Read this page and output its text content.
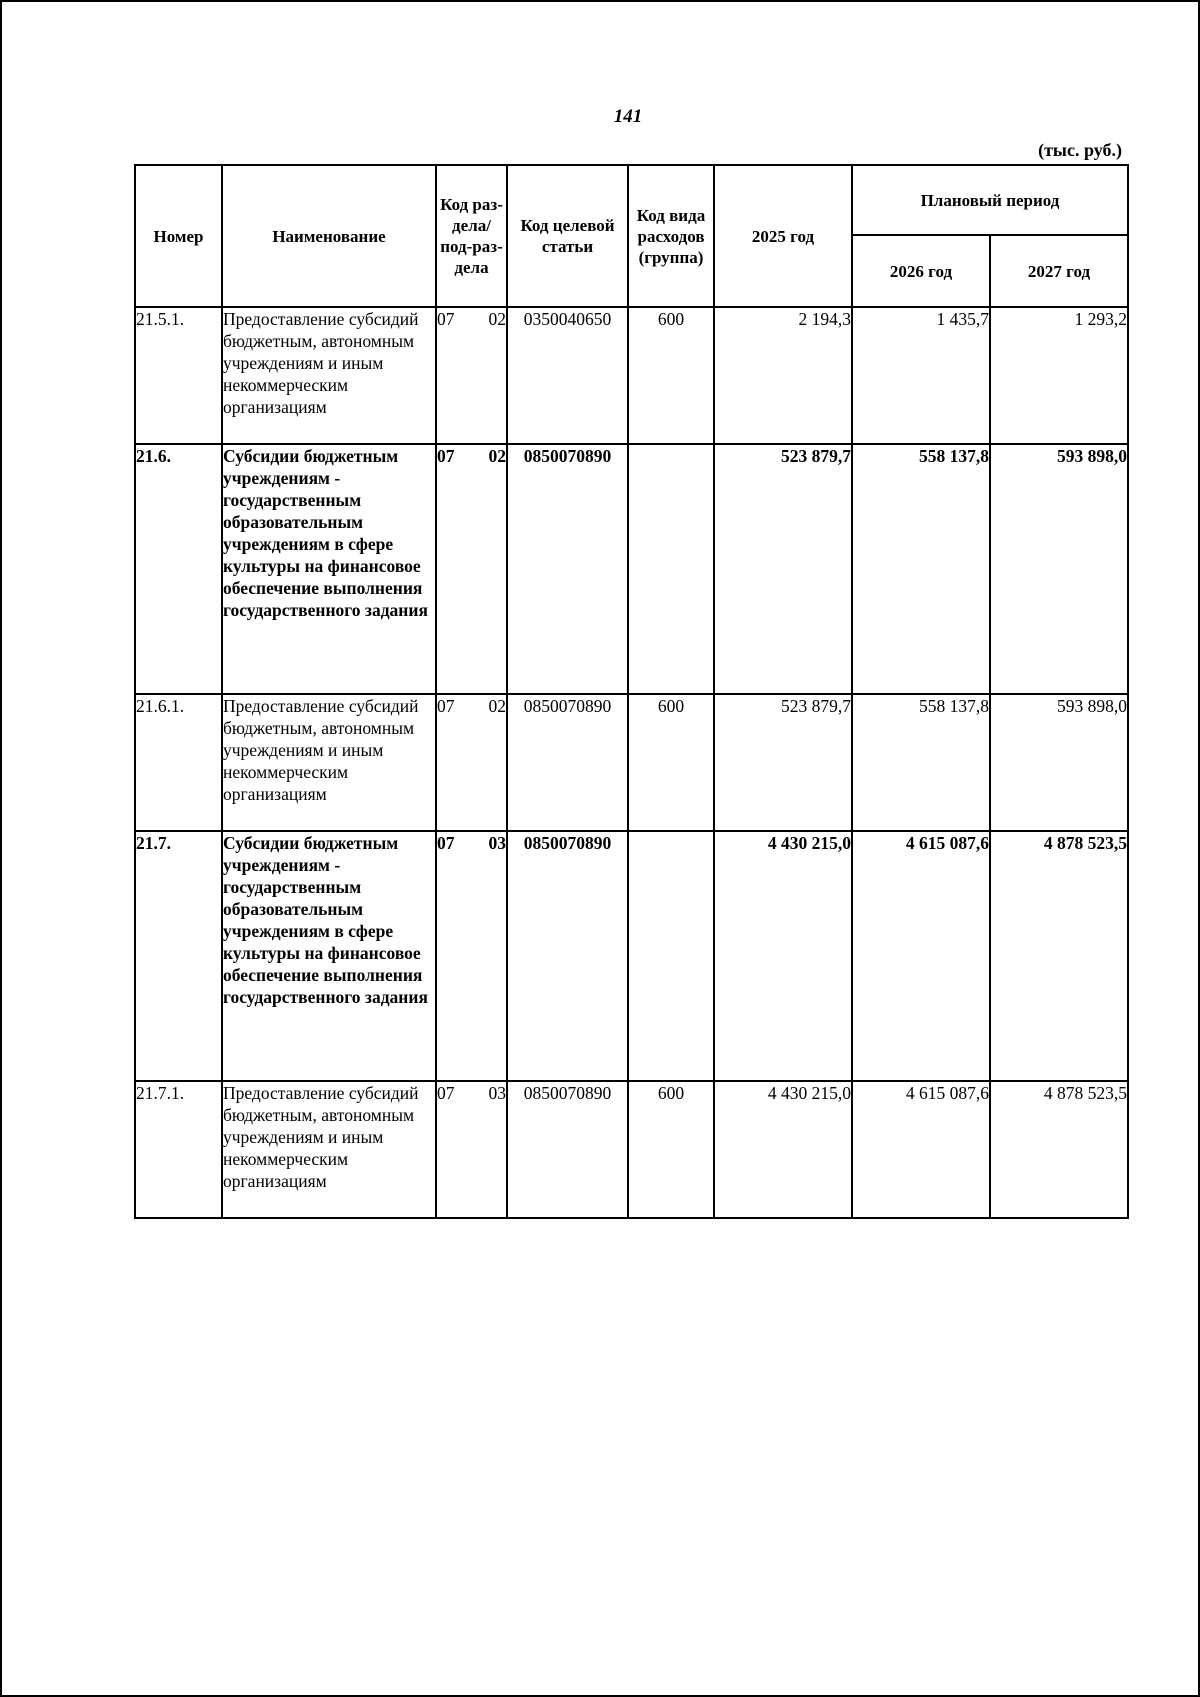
141
(тыс. руб.)
Номер	Наименование	Код раз-дела/ под-раз-дела	Код целевой статьи	Код вида расходов (группа)	2025 год	Плановый период	
						2026 год	2027 год
21.5.1.	Предоставление субсидий бюджетным, автономным учреждениям и иным некоммерческим организациям	07 02	0350040650	600	2 194,3	1 435,7	1 293,2
21.6.	Субсидии бюджетным учреждениям - государственным образовательным учреждениям в сфере культуры на финансовое обеспечение выполнения государственного задания	07 02	0850070890		523 879,7	558 137,8	593 898,0
21.6.1.	Предоставление субсидий бюджетным, автономным учреждениям и иным некоммерческим организациям	07 02	0850070890	600	523 879,7	558 137,8	593 898,0
21.7.	Субсидии бюджетным учреждениям - государственным образовательным учреждениям в сфере культуры на финансовое обеспечение выполнения государственного задания	07 03	0850070890		4 430 215,0	4 615 087,6	4 878 523,5
21.7.1.	Предоставление субсидий бюджетным, автономным учреждениям и иным некоммерческим организациям	07 03	0850070890	600	4 430 215,0	4 615 087,6	4 878 523,5
